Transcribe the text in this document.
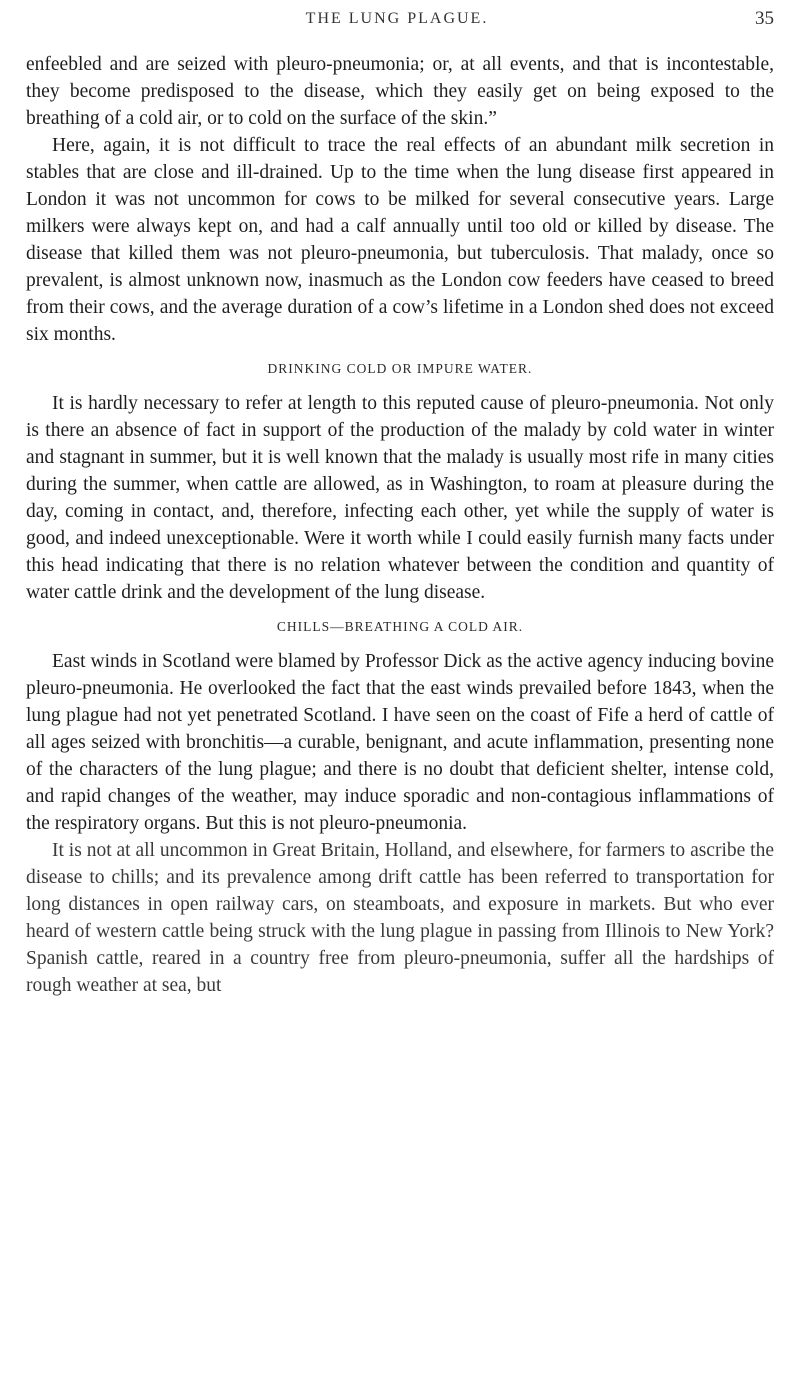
THE LUNG PLAGUE.	35

enfeebled and are seized with pleuro-pneumonia; or, at all events, and that is incontestable, they become predisposed to the disease, which they easily get on being exposed to the breathing of a cold air, or to cold on the surface of the skin.”

Here, again, it is not difficult to trace the real effects of an abundant milk secretion in stables that are close and ill-drained. Up to the time when the lung disease first appeared in London it was not uncommon for cows to be milked for several consecutive years. Large milkers were always kept on, and had a calf annually until too old or killed by disease. The disease that killed them was not pleuro-pneumonia, but tuberculosis. That malady, once so prevalent, is almost unknown now, inasmuch as the London cow feeders have ceased to breed from their cows, and the average duration of a cow’s lifetime in a London shed does not exceed six months.

DRINKING COLD OR IMPURE WATER.

It is hardly necessary to refer at length to this reputed cause of pleuro-pneumonia. Not only is there an absence of fact in support of the production of the malady by cold water in winter and stagnant in summer, but it is well known that the malady is usually most rife in many cities during the summer, when cattle are allowed, as in Washington, to roam at pleasure during the day, coming in contact, and, therefore, infecting each other, yet while the supply of water is good, and indeed unexceptionable. Were it worth while I could easily furnish many facts under this head indicating that there is no relation whatever between the condition and quantity of water cattle drink and the development of the lung disease.

CHILLS—BREATHING A COLD AIR.

East winds in Scotland were blamed by Professor Dick as the active agency inducing bovine pleuro-pneumonia. He overlooked the fact that the east winds prevailed before 1843, when the lung plague had not yet penetrated Scotland. I have seen on the coast of Fife a herd of cattle of all ages seized with bronchitis—a curable, benignant, and acute inflammation, presenting none of the characters of the lung plague; and there is no doubt that deficient shelter, intense cold, and rapid changes of the weather, may induce sporadic and non-contagious inflammations of the respiratory organs. But this is not pleuro-pneumonia.

It is not at all uncommon in Great Britain, Holland, and elsewhere, for farmers to ascribe the disease to chills; and its prevalence among drift cattle has been referred to transportation for long distances in open railway cars, on steamboats, and exposure in markets. But who ever heard of western cattle being struck with the lung plague in passing from Illinois to New York? Spanish cattle, reared in a country free from pleuro-pneumonia, suffer all the hardships of rough weather at sea, but
